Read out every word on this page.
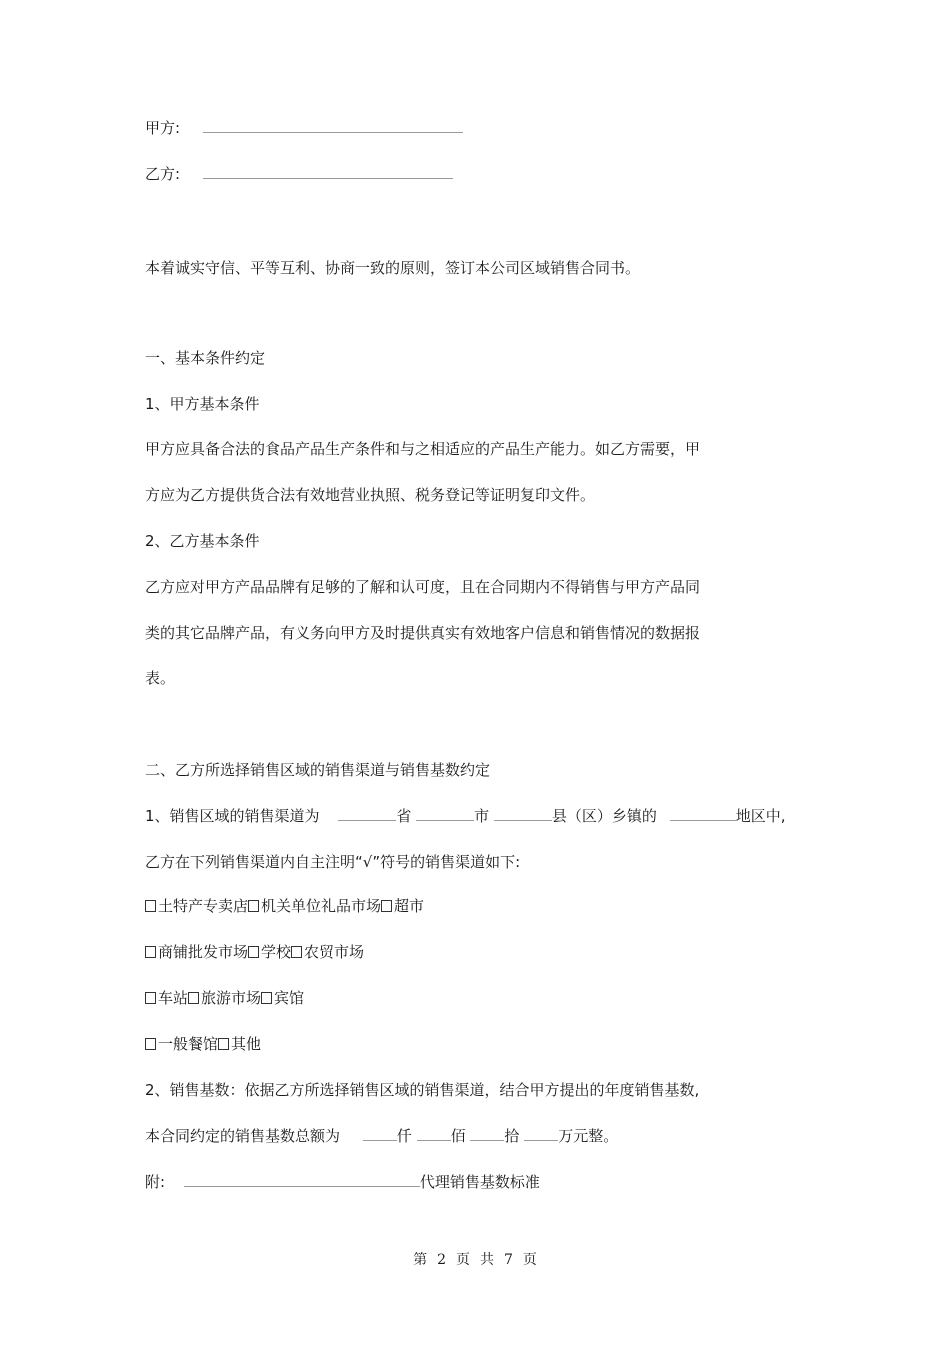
甲方:
乙方:
本着诚实守信、平等互利、协商一致的原则，签订本公司区域销售合同书。
一、基本条件约定
1、甲方基本条件
甲方应具备合法的食品产品生产条件和与之相适应的产品生产能力。如乙方需要，甲
方应为乙方提供货合法有效地营业执照、税务登记等证明复印文件。
2、乙方基本条件
乙方应对甲方产品品牌有足够的了解和认可度，且在合同期内不得销售与甲方产品同
类的其它品牌产品，有义务向甲方及时提供真实有效地客户信息和销售情况的数据报
表。
二、乙方所选择销售区域的销售渠道与销售基数约定
1、销售区域的销售渠道为	省	市	县（区）乡镇的	地区中,
乙方在下列销售渠道内自主注明“√”符号的销售渠道如下:
土特产专卖店 机关单位礼品市场 超市
商铺批发市场 学校 农贸市场
车站 旅游市场 宾馆
一般餐馆 其他
2、销售基数：依据乙方所选择销售区域的销售渠道，结合甲方提出的年度销售基数,
本合同约定的销售基数总额为	仟	佰	拾	万元整。
附:	代理销售基数标准
第 2 页 共 7 页
